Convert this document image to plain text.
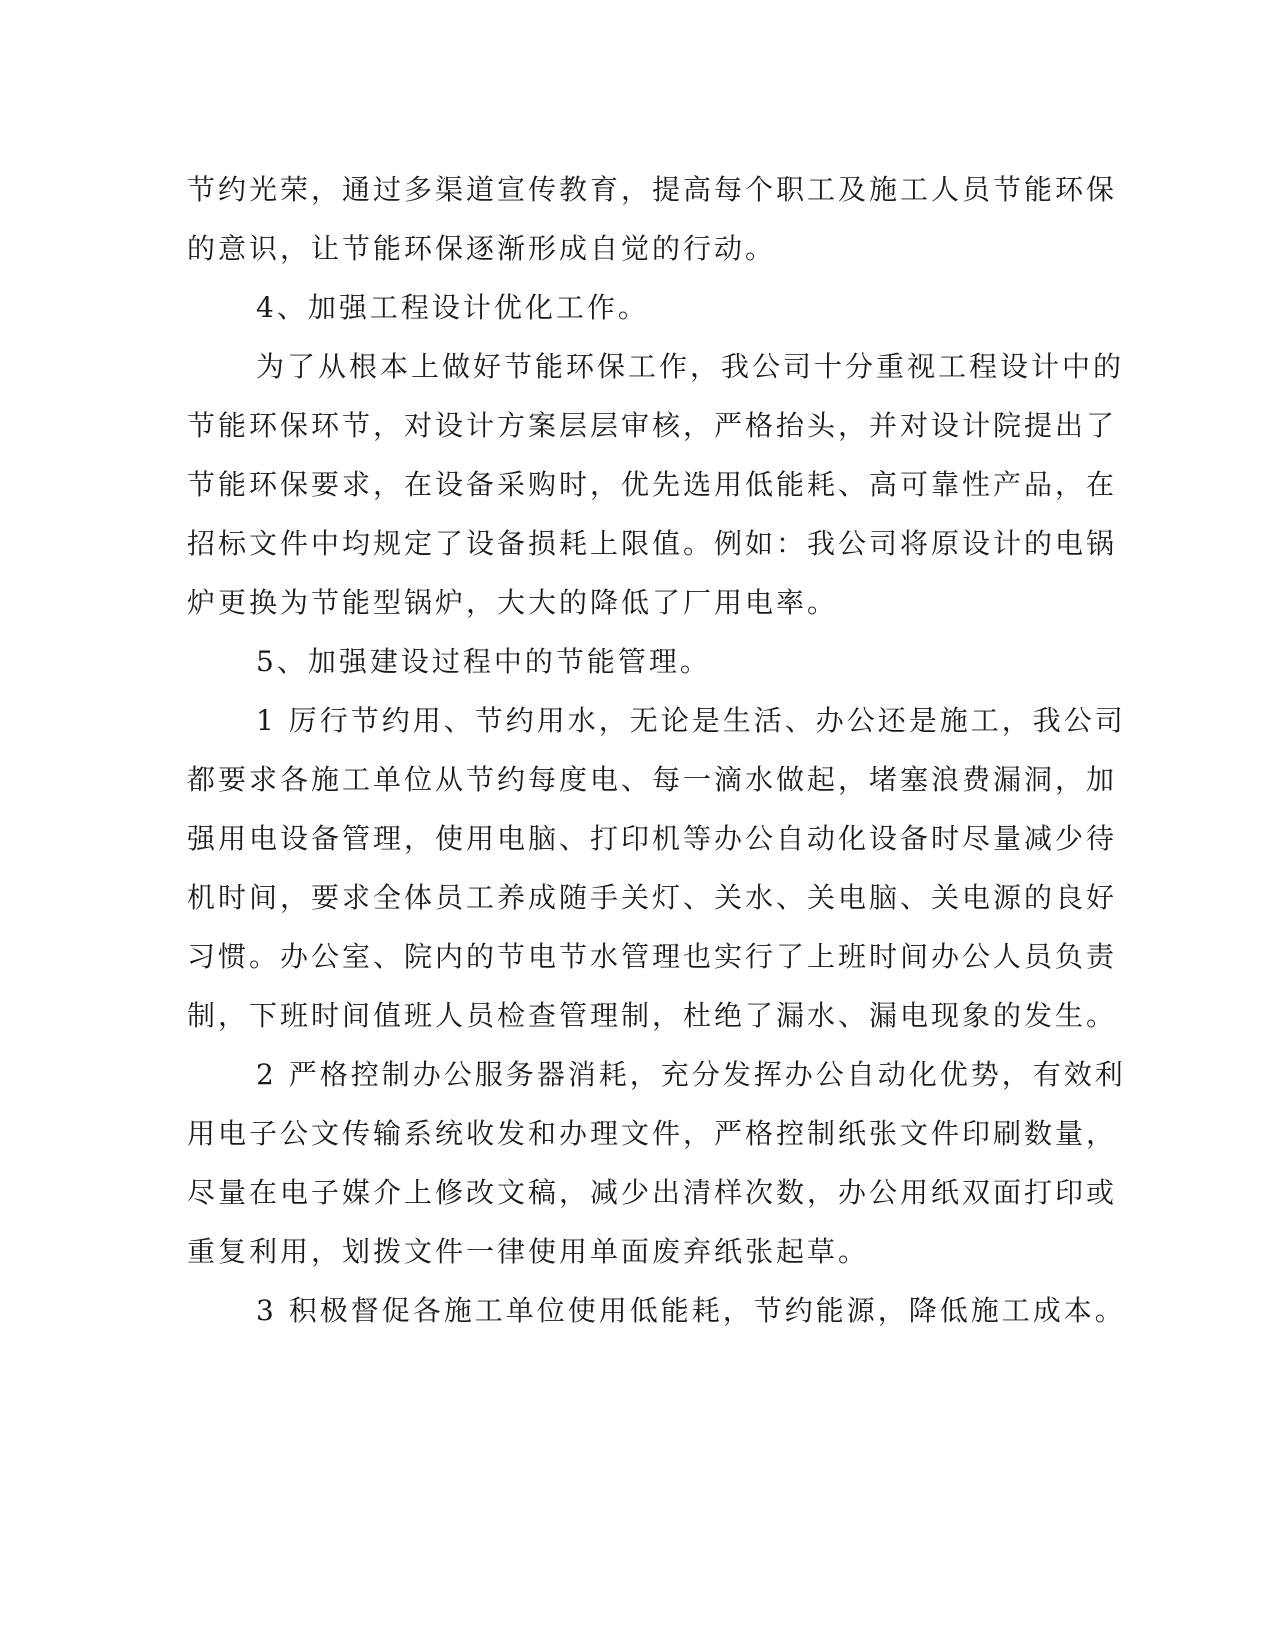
节约光荣，通过多渠道宣传教育，提高每个职工及施工人员节能环保
的意识，让节能环保逐渐形成自觉的行动。
4、加强工程设计优化工作。
为了从根本上做好节能环保工作，我公司十分重视工程设计中的
节能环保环节，对设计方案层层审核，严格抬头，并对设计院提出了
节能环保要求，在设备采购时，优先选用低能耗、高可靠性产品，在
招标文件中均规定了设备损耗上限值。例如：我公司将原设计的电锅
炉更换为节能型锅炉，大大的降低了厂用电率。
5、加强建设过程中的节能管理。
1 厉行节约用、节约用水，无论是生活、办公还是施工，我公司
都要求各施工单位从节约每度电、每一滴水做起，堵塞浪费漏洞，加
强用电设备管理，使用电脑、打印机等办公自动化设备时尽量减少待
机时间，要求全体员工养成随手关灯、关水、关电脑、关电源的良好
习惯。办公室、院内的节电节水管理也实行了上班时间办公人员负责
制，下班时间值班人员检查管理制，杜绝了漏水、漏电现象的发生。
2 严格控制办公服务器消耗，充分发挥办公自动化优势，有效利
用电子公文传输系统收发和办理文件，严格控制纸张文件印刷数量，
尽量在电子媒介上修改文稿，减少出清样次数，办公用纸双面打印或
重复利用，划拨文件一律使用单面废弃纸张起草。
3 积极督促各施工单位使用低能耗，节约能源，降低施工成本。
